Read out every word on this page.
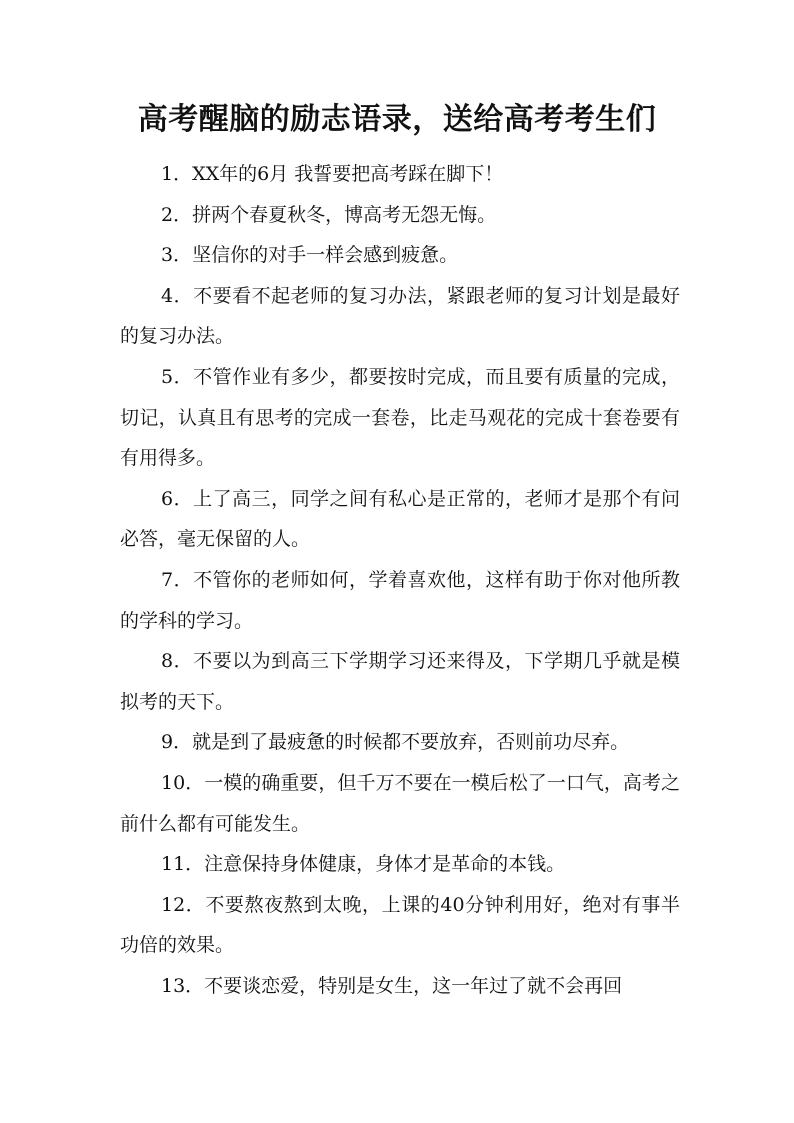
高考醒脑的励志语录，送给高考考生们

1．XX年的6月 我誓要把高考踩在脚下！

2．拼两个春夏秋冬，博高考无怨无悔。

3．坚信你的对手一样会感到疲惫。

4．不要看不起老师的复习办法，紧跟老师的复习计划是最好的复习办法。

5．不管作业有多少，都要按时完成，而且要有质量的完成，切记，认真且有思考的完成一套卷，比走马观花的完成十套卷要有有用得多。

6．上了高三，同学之间有私心是正常的，老师才是那个有问必答，毫无保留的人。

7．不管你的老师如何，学着喜欢他，这样有助于你对他所教的学科的学习。

8．不要以为到高三下学期学习还来得及，下学期几乎就是模拟考的天下。

9．就是到了最疲惫的时候都不要放弃，否则前功尽弃。

10．一模的确重要，但千万不要在一模后松了一口气，高考之前什么都有可能发生。

11．注意保持身体健康，身体才是革命的本钱。

12．不要熬夜熬到太晚，上课的40分钟利用好，绝对有事半功倍的效果。

13．不要谈恋爱，特别是女生，这一年过了就不会再回
